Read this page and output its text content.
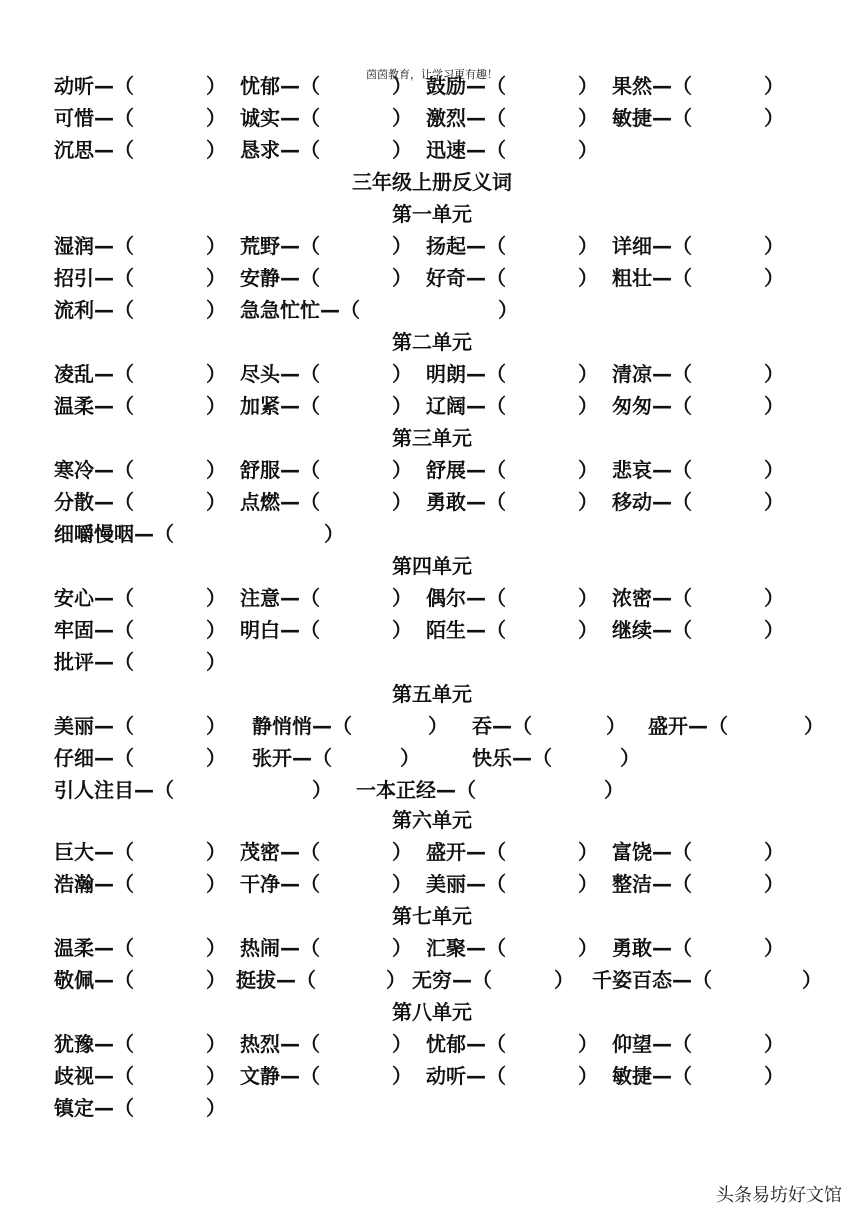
茵茵教育，让学习更有趣！
动听—（	） 忧郁—（	） 鼓励—（	） 果然—（	）
可惜—（	） 诚实—（	） 激烈—（	） 敏捷—（	）
沉思—（	） 恳求—（	） 迅速—（	）
三年级上册反义词
第一单元
湿润—（	） 荒野—（	） 扬起—（	） 详细—（	）
招引—（	） 安静—（	） 好奇—（	） 粗壮—（	）
流利—（	） 急急忙忙—（	）
第二单元
凌乱—（	） 尽头—（	） 明朗—（	） 清凉—（	）
温柔—（	） 加紧—（	） 辽阔—（	） 匆匆—（	）
第三单元
寒冷—（	） 舒服—（	） 舒展—（	） 悲哀—（	）
分散—（	） 点燃—（	） 勇敢—（	） 移动—（	）
细嚼慢咽—（	）
第四单元
安心—（	） 注意—（	） 偶尔—（	） 浓密—（	）
牢固—（	） 明白—（	） 陌生—（	） 继续—（	）
批评—（	）
第五单元
美丽—（	） 静悄悄—（	） 吞—（	） 盛开—（	）
仔细—（	） 张开—（	）	快乐—（	）
引人注目—（	） 一本正经—（	）
第六单元
巨大—（	） 茂密—（	） 盛开—（	） 富饶—（	）
浩瀚—（	） 干净—（	） 美丽—（	） 整洁—（	）
第七单元
温柔—（	） 热闹—（	） 汇聚—（	） 勇敢—（	）
敬佩—（	） 挺拔—（	） 无穷—（	） 千姿百态—（	）
第八单元
犹豫—（	） 热烈—（	） 忧郁—（	） 仰望—（	）
歧视—（	） 文静—（	） 动听—（	） 敏捷—（	）
镇定—（	）
头条易坊好文馆
